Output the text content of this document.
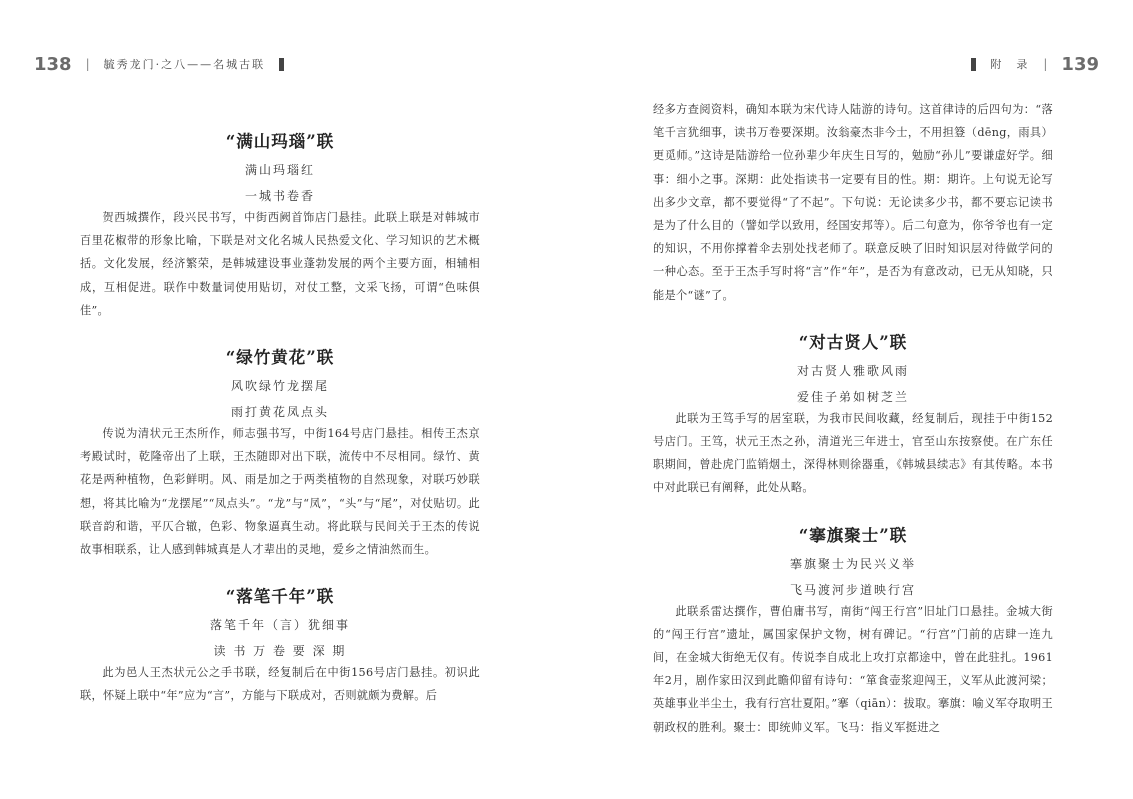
138 | 毓秀龙门·之八——名城古联	附　录 | 139
“满山玛瑙”联

满山玛瑙红

一城书卷香

贺西城撰作，段兴民书写，中街西阙首饰店门悬挂。此联上联是对韩城市百里花椒带的形象比喻，下联是对文化名城人民热爱文化、学习知识的艺术概括。文化发展，经济繁荣，是韩城建设事业蓬勃发展的两个主要方面，相辅相成，互相促进。联作中数量词使用贴切，对仗工整，文采飞扬，可谓“色味俱佳”。

“绿竹黄花”联

风吹绿竹龙摆尾

雨打黄花凤点头

传说为清状元王杰所作，师志强书写，中街164号店门悬挂。相传王杰京考殿试时，乾隆帝出了上联，王杰随即对出下联，流传中不尽相同。绿竹、黄花是两种植物，色彩鲜明。风、雨是加之于两类植物的自然现象，对联巧妙联想，将其比喻为“龙摆尾”“凤点头”。“龙”与“凤”，“头”与“尾”，对仗贴切。此联音韵和谐，平仄合辙，色彩、物象逼真生动。将此联与民间关于王杰的传说故事相联系，让人感到韩城真是人才辈出的灵地，爱乡之情油然而生。

“落笔千年”联

落笔千年（言）犹细事

读 书 万 卷 要 深 期

此为邑人王杰状元公之手书联，经复制后在中街156号店门悬挂。初识此联，怀疑上联中“年”应为“言”，方能与下联成对，否则就颇为费解。后

经多方查阅资料，确知本联为宋代诗人陆游的诗句。这首律诗的后四句为：“落笔千言犹细事，读书万卷要深期。汝翁豪杰非今士，不用担簦（dēng，雨具）更觅师。”这诗是陆游给一位孙辈少年庆生日写的，勉励“孙儿”要谦虚好学。细事：细小之事。深期：此处指读书一定要有目的性。期：期许。上句说无论写出多少文章，都不要觉得“了不起”。下句说：无论读多少书，都不要忘记读书是为了什么目的（譬如学以致用，经国安邦等）。后二句意为，你爷爷也有一定的知识，不用你撑着伞去别处找老师了。联意反映了旧时知识层对待做学问的一种心态。至于王杰手写时将“言”作“年”，是否为有意改动，已无从知晓，只能是个“谜”了。

“对古贤人”联

对古贤人雅歌风雨

爱佳子弟如树芝兰

此联为王笃手写的居室联，为我市民间收藏，经复制后，现挂于中街152号店门。王笃，状元王杰之孙，清道光三年进士，官至山东按察使。在广东任职期间，曾赴虎门监销烟土，深得林则徐器重，《韩城县续志》有其传略。本书中对此联已有阐释，此处从略。

“搴旗聚士”联

搴旗聚士为民兴义举

飞马渡河步道映行宫

此联系雷达撰作，曹伯庸书写，南街“闯王行宫”旧址门口悬挂。金城大街的“闯王行宫”遗址，属国家保护文物，树有碑记。“行宫”门前的店肆一连九间，在金城大街绝无仅有。传说李自成北上攻打京都途中，曾在此驻扎。1961年2月，剧作家田汉到此瞻仰留有诗句：“箪食壶浆迎闯王，义军从此渡河梁；英雄事业半尘土，我有行宫壮夏阳。”搴（qiān）：拔取。搴旗：喻义军夺取明王朝政权的胜利。聚士：即统帅义军。飞马：指义军挺进之
